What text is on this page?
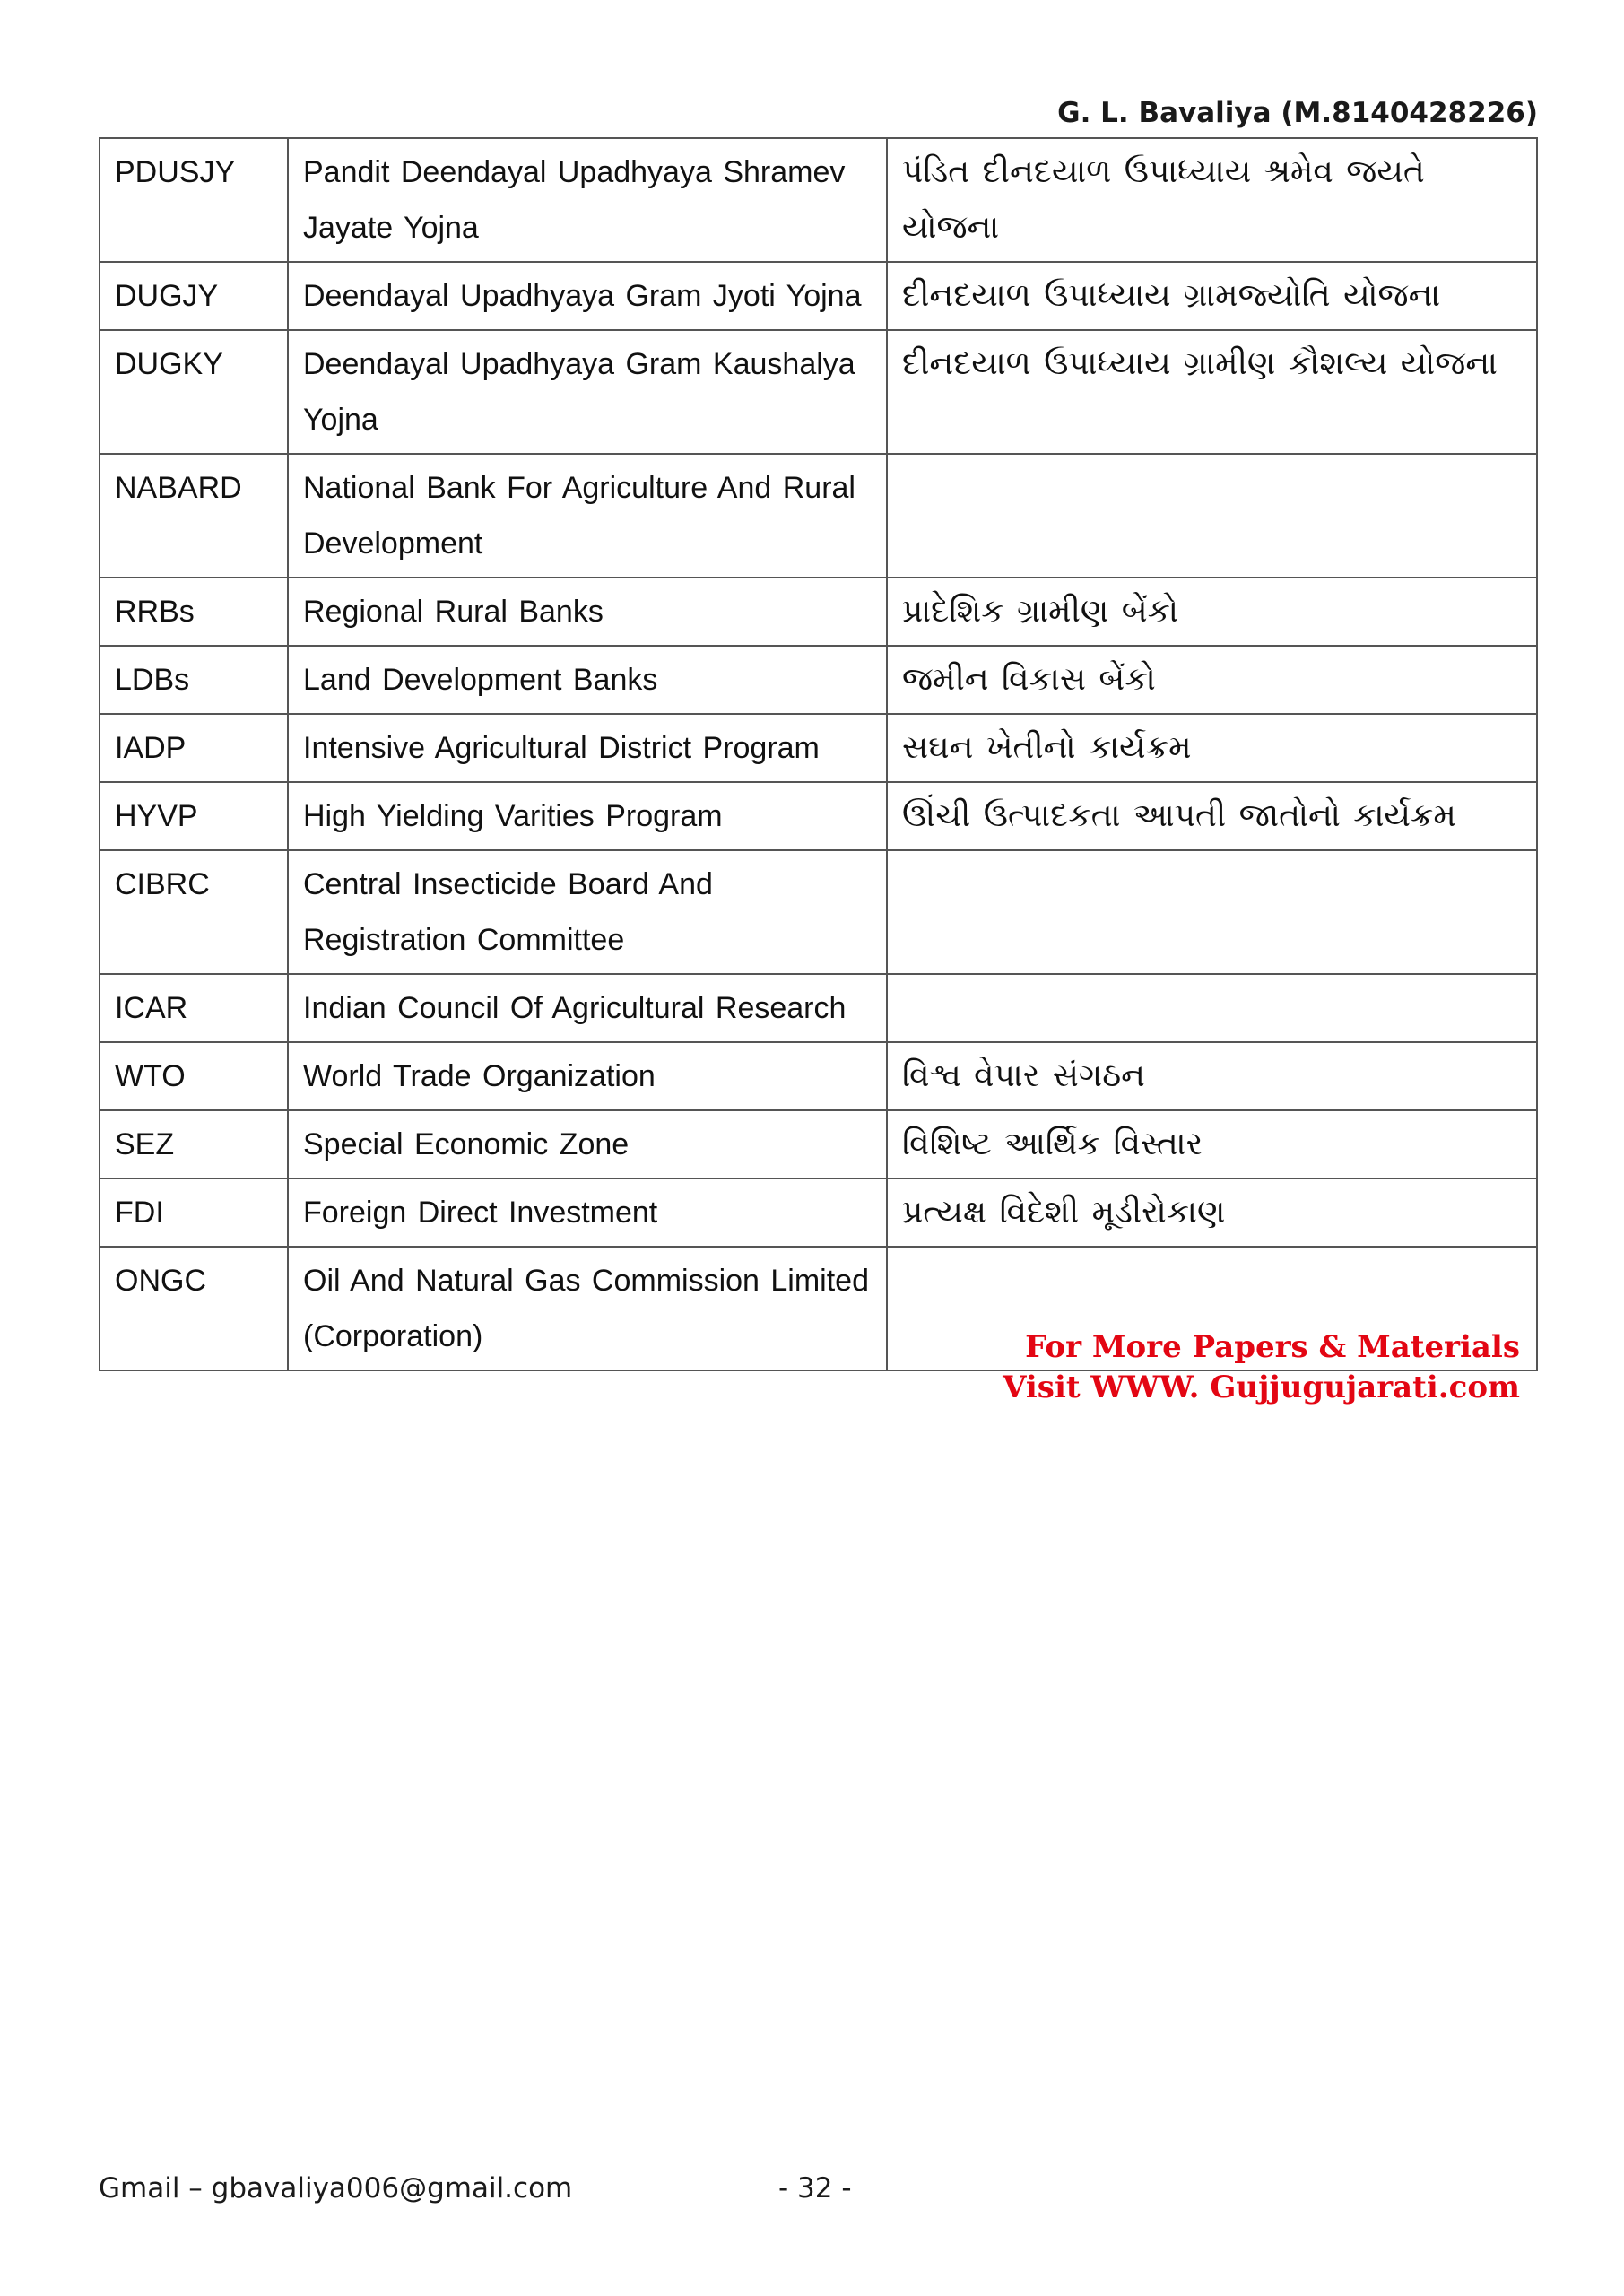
G. L. Bavaliya (M.8140428226)
PDUSJY	Pandit Deendayal Upadhyaya Shramev Jayate Yojna	પંડિત દીનદયાળ ઉપાધ્યાય શ્રમેવ જયતે યોજના
DUGJY	Deendayal Upadhyaya Gram Jyoti Yojna	દીનદયાળ ઉપાધ્યાય ગ્રામજ્યોતિ યોજના
DUGKY	Deendayal Upadhyaya Gram Kaushalya Yojna	દીનદયાળ ઉપાધ્યાય ગ્રામીણ કૌશલ્ય યોજના
NABARD	National Bank For Agriculture And Rural Development	
RRBs	Regional Rural Banks	પ્રાદેશિક ગ્રામીણ બેંકો
LDBs	Land Development Banks	જમીન વિકાસ બેંકો
IADP	Intensive Agricultural District Program	સઘન ખેતીનો કાર્યક્રમ
HYVP	High Yielding Varities Program	ઊંચી ઉત્પાદકતા આપતી જાતોનો કાર્યક્રમ
CIBRC	Central Insecticide Board And Registration Committee	
ICAR	Indian Council Of Agricultural Research	
WTO	World Trade Organization	વિશ્વ વેપાર સંગઠન
SEZ	Special Economic Zone	વિશિષ્ટ આર્થિક વિસ્તાર
FDI	Foreign Direct Investment	પ્રત્યક્ષ વિદેશી મૂડીરોકાણ
ONGC	Oil And Natural Gas Commission Limited (Corporation)		For More Papers & Materials
Visit WWW. Gujjugujarati.com
Gmail – gbavaliya006@gmail.com	- 32 -
